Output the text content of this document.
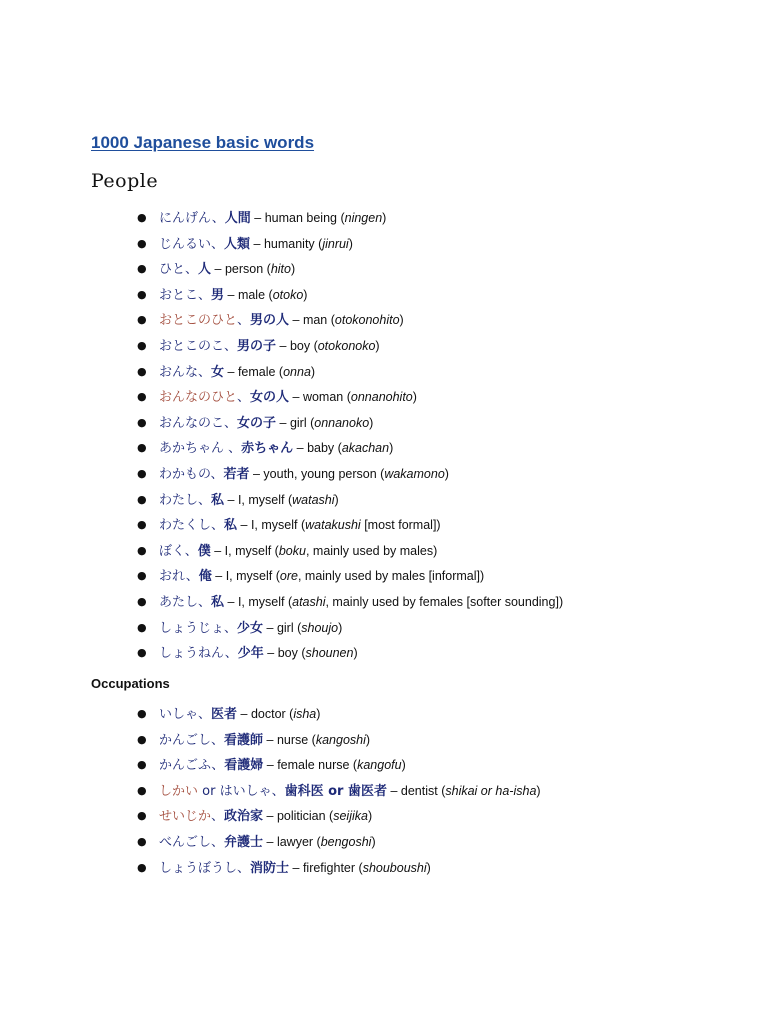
1000 Japanese basic words
People
● にんげん、人間 – human being (ningen)
● じんるい、人類 – humanity (jinrui)
● ひと、人 – person (hito)
● おとこ、男 – male (otoko)
● おとこのひと、男の人 – man (otokonohito)
● おとこのこ、男の子 – boy (otokonoko)
● おんな、女 – female (onna)
● おんなのひと、女の人 – woman (onnanohito)
● おんなのこ、女の子 – girl (onnanoko)
● あかちゃん 、赤ちゃん – baby (akachan)
● わかもの、若者 – youth, young person (wakamono)
● わたし、私 – I, myself (watashi)
● わたくし、私 – I, myself (watakushi [most formal])
● ぼく、僕 – I, myself (boku, mainly used by males)
● おれ、俺 – I, myself (ore, mainly used by males [informal])
● あたし、私 – I, myself (atashi, mainly used by females [softer sounding])
● しょうじょ、少女 – girl (shoujo)
● しょうねん、少年 – boy (shounen)
Occupations
● いしゃ、医者 – doctor (isha)
● かんごし、看護師 – nurse (kangoshi)
● かんごふ、看護婦 – female nurse (kangofu)
● しかい or はいしゃ、歯科医 or 歯医者 – dentist (shikai or ha-isha)
● せいじか、政治家 – politician (seijika)
● べんごし、弁護士 – lawyer (bengoshi)
● しょうぼうし、消防士 – firefighter (shouboushi)
